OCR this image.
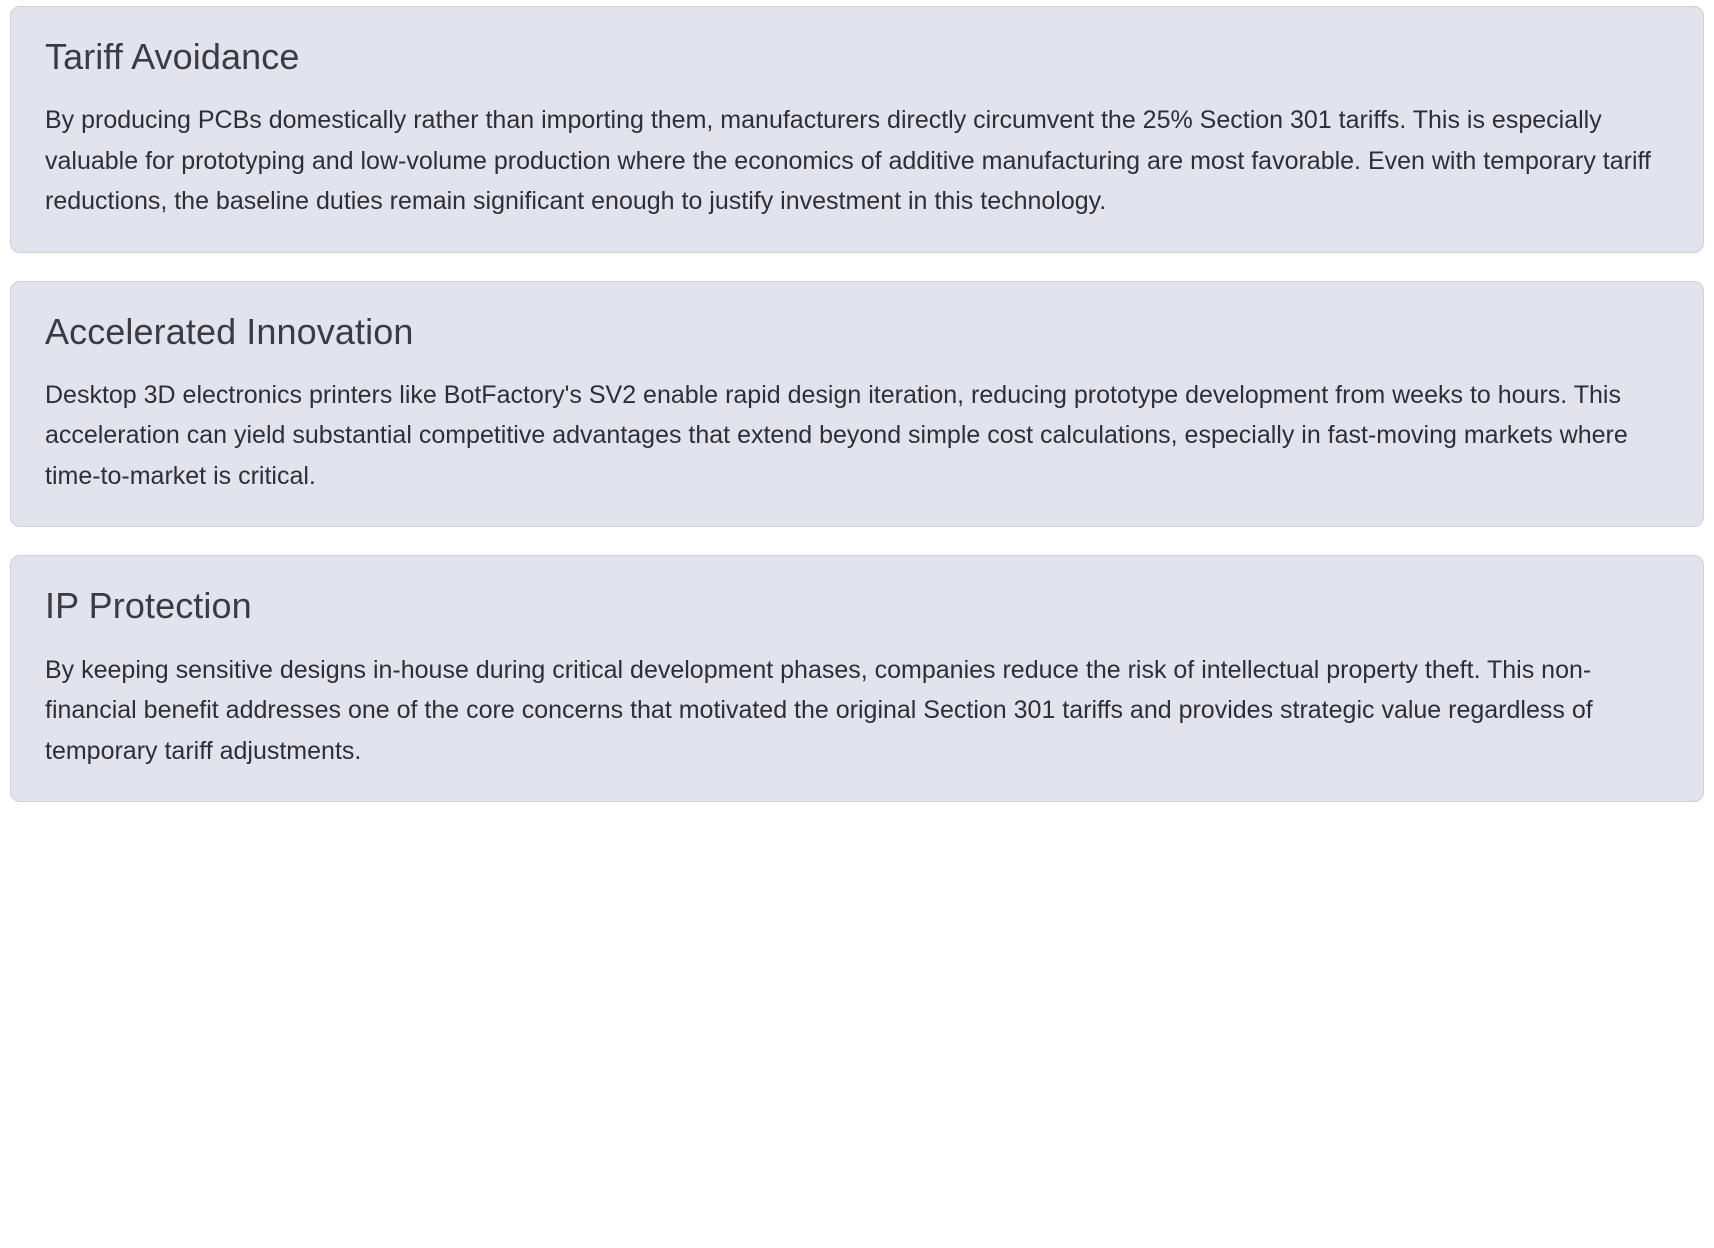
Tariff Avoidance

By producing PCBs domestically rather than importing them, manufacturers directly circumvent the 25% Section 301 tariffs. This is especially valuable for prototyping and low-volume production where the economics of additive manufacturing are most favorable. Even with temporary tariff reductions, the baseline duties remain significant enough to justify investment in this technology.

Accelerated Innovation

Desktop 3D electronics printers like BotFactory's SV2 enable rapid design iteration, reducing prototype development from weeks to hours. This acceleration can yield substantial competitive advantages that extend beyond simple cost calculations, especially in fast-moving markets where time-to-market is critical.

IP Protection

By keeping sensitive designs in-house during critical development phases, companies reduce the risk of intellectual property theft. This non-financial benefit addresses one of the core concerns that motivated the original Section 301 tariffs and provides strategic value regardless of temporary tariff adjustments.
